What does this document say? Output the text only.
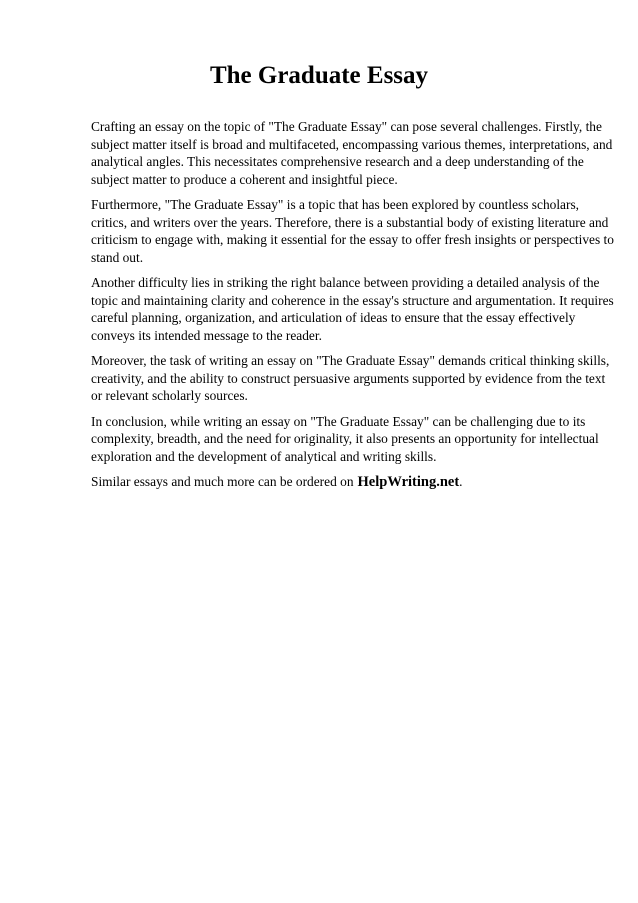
The Graduate Essay

Crafting an essay on the topic of "The Graduate Essay" can pose several challenges. Firstly, the
subject matter itself is broad and multifaceted, encompassing various themes, interpretations, and
analytical angles. This necessitates comprehensive research and a deep understanding of the
subject matter to produce a coherent and insightful piece.

Furthermore, "The Graduate Essay" is a topic that has been explored by countless scholars,
critics, and writers over the years. Therefore, there is a substantial body of existing literature and
criticism to engage with, making it essential for the essay to offer fresh insights or perspectives to
stand out.

Another difficulty lies in striking the right balance between providing a detailed analysis of the
topic and maintaining clarity and coherence in the essay's structure and argumentation. It requires
careful planning, organization, and articulation of ideas to ensure that the essay effectively
conveys its intended message to the reader.

Moreover, the task of writing an essay on "The Graduate Essay" demands critical thinking skills,
creativity, and the ability to construct persuasive arguments supported by evidence from the text
or relevant scholarly sources.

In conclusion, while writing an essay on "The Graduate Essay" can be challenging due to its
complexity, breadth, and the need for originality, it also presents an opportunity for intellectual
exploration and the development of analytical and writing skills.

Similar essays and much more can be ordered on HelpWriting.net.
